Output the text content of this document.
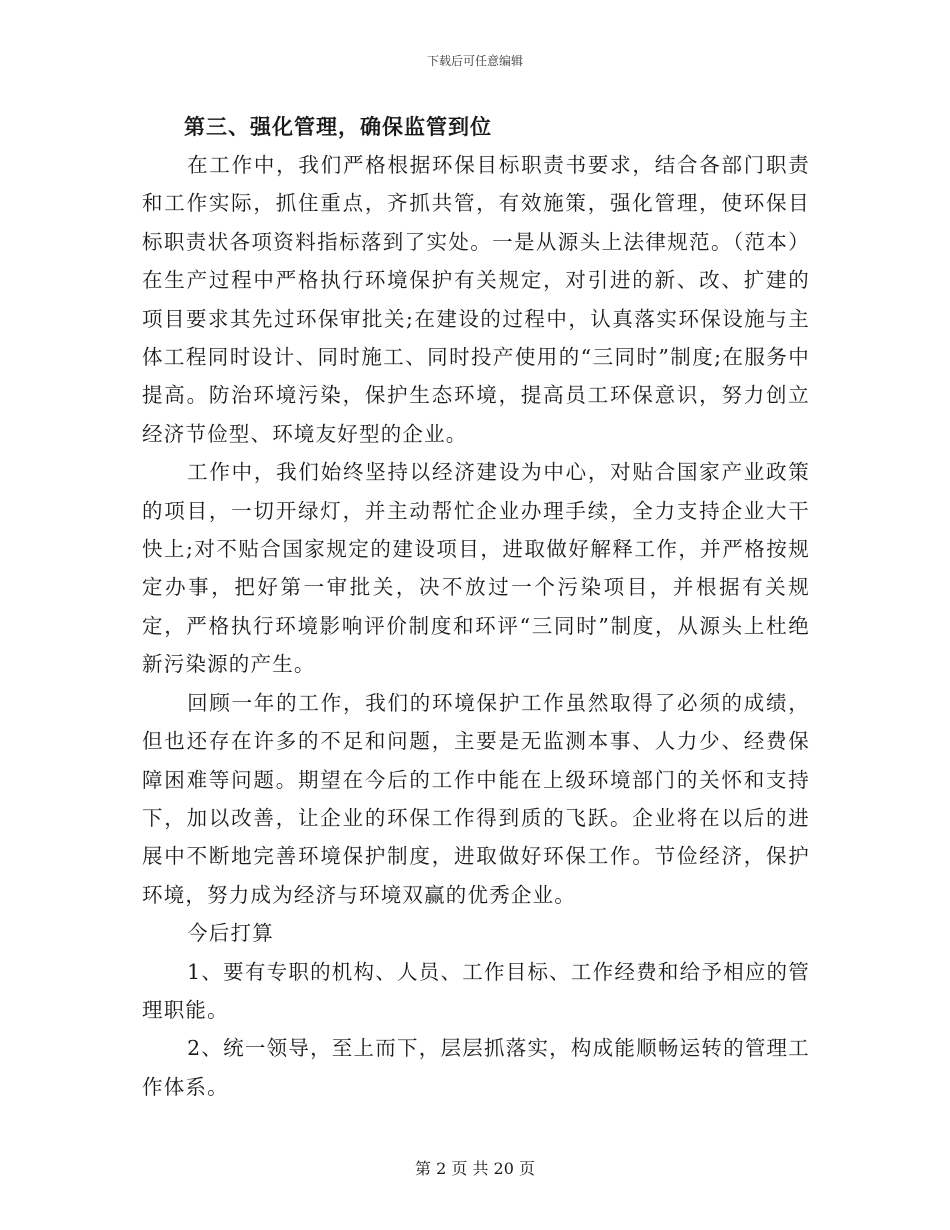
下载后可任意编辑

第三、强化管理，确保监管到位

在工作中，我们严格根据环保目标职责书要求，结合各部门职责和工作实际，抓住重点，齐抓共管，有效施策，强化管理，使环保目标职责状各项资料指标落到了实处。一是从源头上法律规范。（范本）在生产过程中严格执行环境保护有关规定，对引进的新、改、扩建的项目要求其先过环保审批关;在建设的过程中，认真落实环保设施与主体工程同时设计、同时施工、同时投产使用的“三同时”制度;在服务中提高。防治环境污染，保护生态环境，提高员工环保意识，努力创立经济节俭型、环境友好型的企业。

工作中，我们始终坚持以经济建设为中心，对贴合国家产业政策的项目，一切开绿灯，并主动帮忙企业办理手续，全力支持企业大干快上;对不贴合国家规定的建设项目，进取做好解释工作，并严格按规定办事，把好第一审批关，决不放过一个污染项目，并根据有关规定，严格执行环境影响评价制度和环评“三同时”制度，从源头上杜绝新污染源的产生。

回顾一年的工作，我们的环境保护工作虽然取得了必须的成绩，但也还存在许多的不足和问题，主要是无监测本事、人力少、经费保障困难等问题。期望在今后的工作中能在上级环境部门的关怀和支持下，加以改善，让企业的环保工作得到质的飞跃。企业将在以后的进展中不断地完善环境保护制度，进取做好环保工作。节俭经济，保护环境，努力成为经济与环境双赢的优秀企业。

今后打算

1、要有专职的机构、人员、工作目标、工作经费和给予相应的管理职能。

2、统一领导，至上而下，层层抓落实，构成能顺畅运转的管理工作体系。

第 2 页 共 20 页
